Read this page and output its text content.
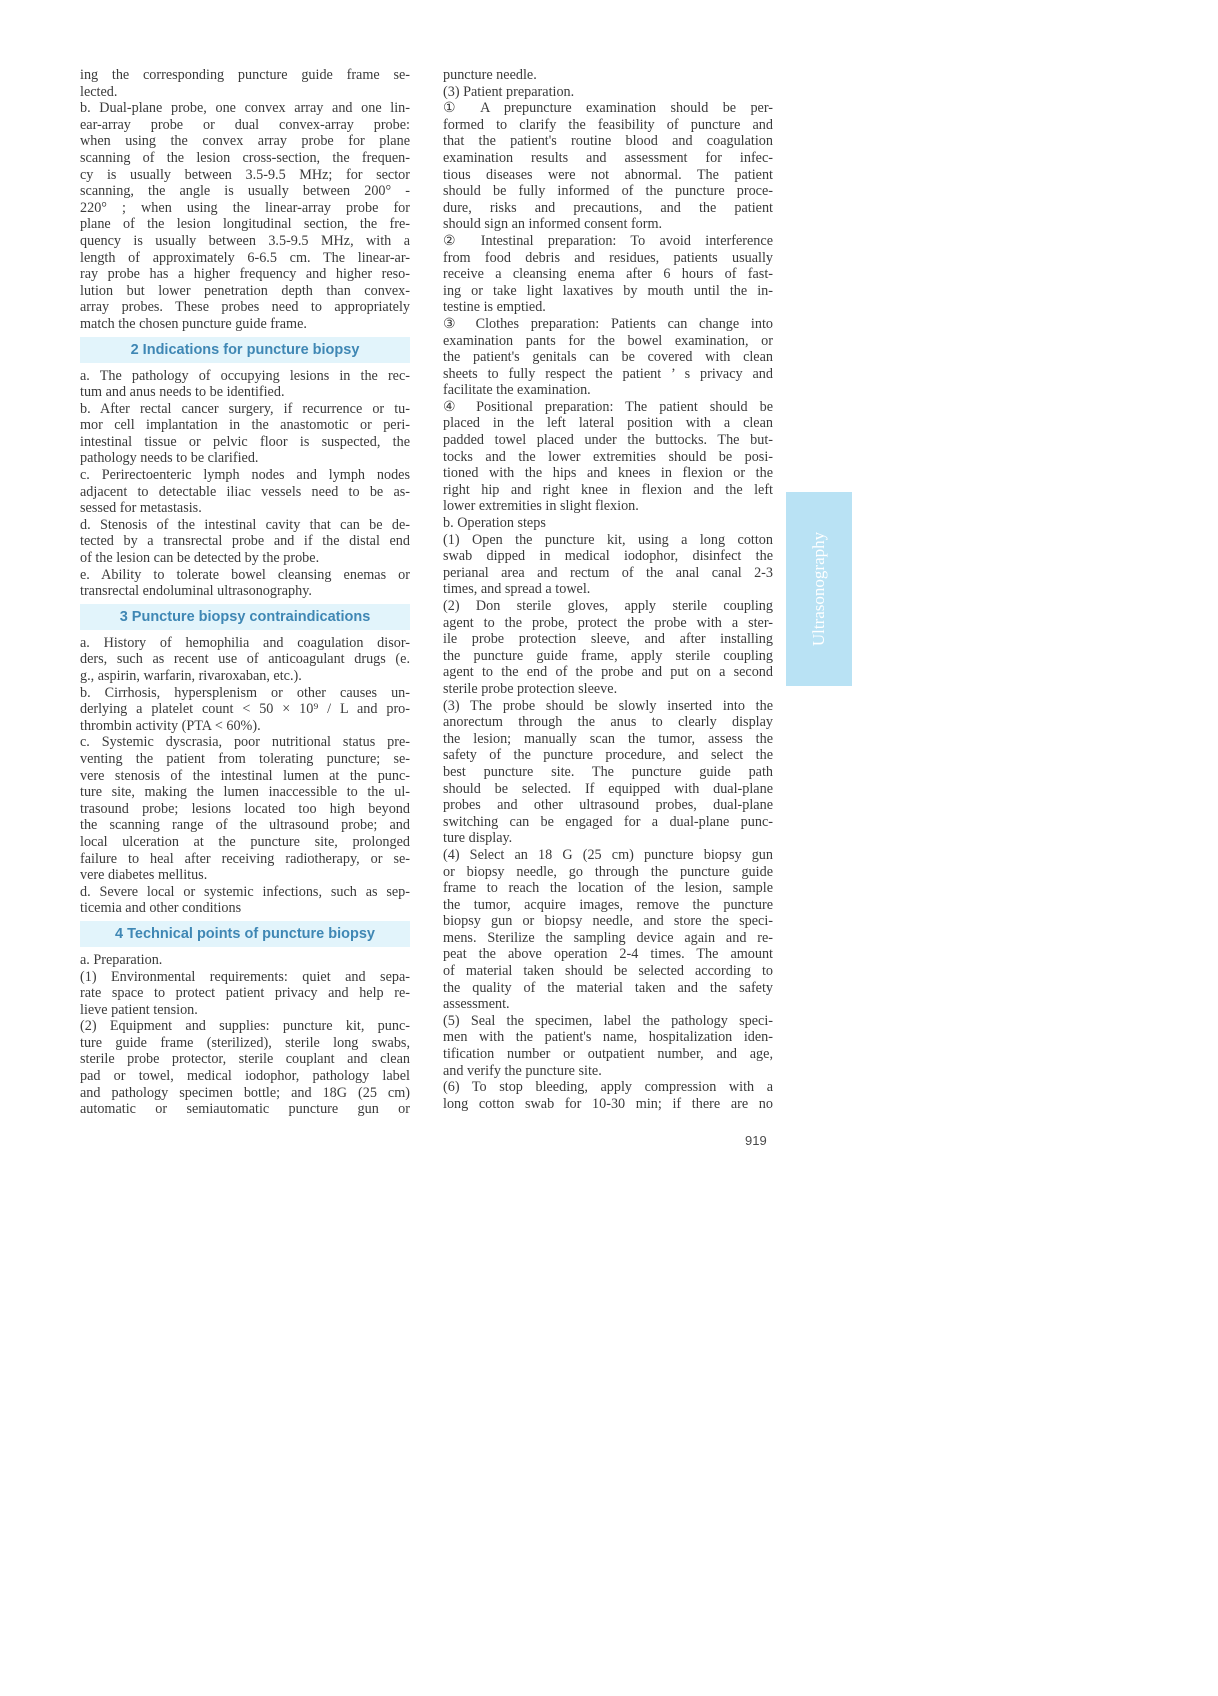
ing the corresponding puncture guide frame se-
lected.
b. Dual-plane probe, one convex array and one lin-
ear-array probe or dual convex-array probe:
when using the convex array probe for plane
scanning of the lesion cross-section, the frequen-
cy is usually between 3.5-9.5 MHz; for sector
scanning, the angle is usually between 200° -
220° ; when using the linear-array probe for
plane of the lesion longitudinal section, the fre-
quency is usually between 3.5-9.5 MHz, with a
length of approximately 6-6.5 cm. The linear-ar-
ray probe has a higher frequency and higher reso-
lution but lower penetration depth than convex-
array probes. These probes need to appropriately
match the chosen puncture guide frame.
2 Indications for puncture biopsy
a. The pathology of occupying lesions in the rec-
tum and anus needs to be identified.
b. After rectal cancer surgery, if recurrence or tu-
mor cell implantation in the anastomotic or peri-
intestinal tissue or pelvic floor is suspected, the
pathology needs to be clarified.
c. Perirectoenteric lymph nodes and lymph nodes
adjacent to detectable iliac vessels need to be as-
sessed for metastasis.
d. Stenosis of the intestinal cavity that can be de-
tected by a transrectal probe and if the distal end
of the lesion can be detected by the probe.
e. Ability to tolerate bowel cleansing enemas or
transrectal endoluminal ultrasonography.
3 Puncture biopsy contraindications
a. History of hemophilia and coagulation disor-
ders, such as recent use of anticoagulant drugs (e.
g., aspirin, warfarin, rivaroxaban, etc.).
b. Cirrhosis, hypersplenism or other causes un-
derlying a platelet count < 50 × 10⁹ / L and pro-
thrombin activity (PTA < 60%).
c. Systemic dyscrasia, poor nutritional status pre-
venting the patient from tolerating puncture; se-
vere stenosis of the intestinal lumen at the punc-
ture site, making the lumen inaccessible to the ul-
trasound probe; lesions located too high beyond
the scanning range of the ultrasound probe; and
local ulceration at the puncture site, prolonged
failure to heal after receiving radiotherapy, or se-
vere diabetes mellitus.
d. Severe local or systemic infections, such as sep-
ticemia and other conditions
4 Technical points of puncture biopsy
a. Preparation.
(1) Environmental requirements: quiet and sepa-
rate space to protect patient privacy and help re-
lieve patient tension.
(2) Equipment and supplies: puncture kit, punc-
ture guide frame (sterilized), sterile long swabs,
sterile probe protector, sterile couplant and clean
pad or towel, medical iodophor, pathology label
and pathology specimen bottle; and 18G (25 cm)
automatic or semiautomatic puncture gun or
puncture needle.
(3) Patient preparation.
① A prepuncture examination should be per-
formed to clarify the feasibility of puncture and
that the patient's routine blood and coagulation
examination results and assessment for infec-
tious diseases were not abnormal. The patient
should be fully informed of the puncture proce-
dure, risks and precautions, and the patient
should sign an informed consent form.
② Intestinal preparation: To avoid interference
from food debris and residues, patients usually
receive a cleansing enema after 6 hours of fast-
ing or take light laxatives by mouth until the in-
testine is emptied.
③ Clothes preparation: Patients can change into
examination pants for the bowel examination, or
the patient's genitals can be covered with clean
sheets to fully respect the patient ’ s privacy and
facilitate the examination.
④ Positional preparation: The patient should be
placed in the left lateral position with a clean
padded towel placed under the buttocks. The but-
tocks and the lower extremities should be posi-
tioned with the hips and knees in flexion or the
right hip and right knee in flexion and the left
lower extremities in slight flexion.
b. Operation steps
(1) Open the puncture kit, using a long cotton
swab dipped in medical iodophor, disinfect the
perianal area and rectum of the anal canal 2-3
times, and spread a towel.
(2) Don sterile gloves, apply sterile coupling
agent to the probe, protect the probe with a ster-
ile probe protection sleeve, and after installing
the puncture guide frame, apply sterile coupling
agent to the end of the probe and put on a second
sterile probe protection sleeve.
(3) The probe should be slowly inserted into the
anorectum through the anus to clearly display
the lesion; manually scan the tumor, assess the
safety of the puncture procedure, and select the
best puncture site. The puncture guide path
should be selected. If equipped with dual-plane
probes and other ultrasound probes, dual-plane
switching can be engaged for a dual-plane punc-
ture display.
(4) Select an 18 G (25 cm) puncture biopsy gun
or biopsy needle, go through the puncture guide
frame to reach the location of the lesion, sample
the tumor, acquire images, remove the puncture
biopsy gun or biopsy needle, and store the speci-
mens. Sterilize the sampling device again and re-
peat the above operation 2-4 times. The amount
of material taken should be selected according to
the quality of the material taken and the safety
assessment.
(5) Seal the specimen, label the pathology speci-
men with the patient's name, hospitalization iden-
tification number or outpatient number, and age,
and verify the puncture site.
(6) To stop bleeding, apply compression with a
long cotton swab for 10-30 min; if there are no
Ultrasonography
919
